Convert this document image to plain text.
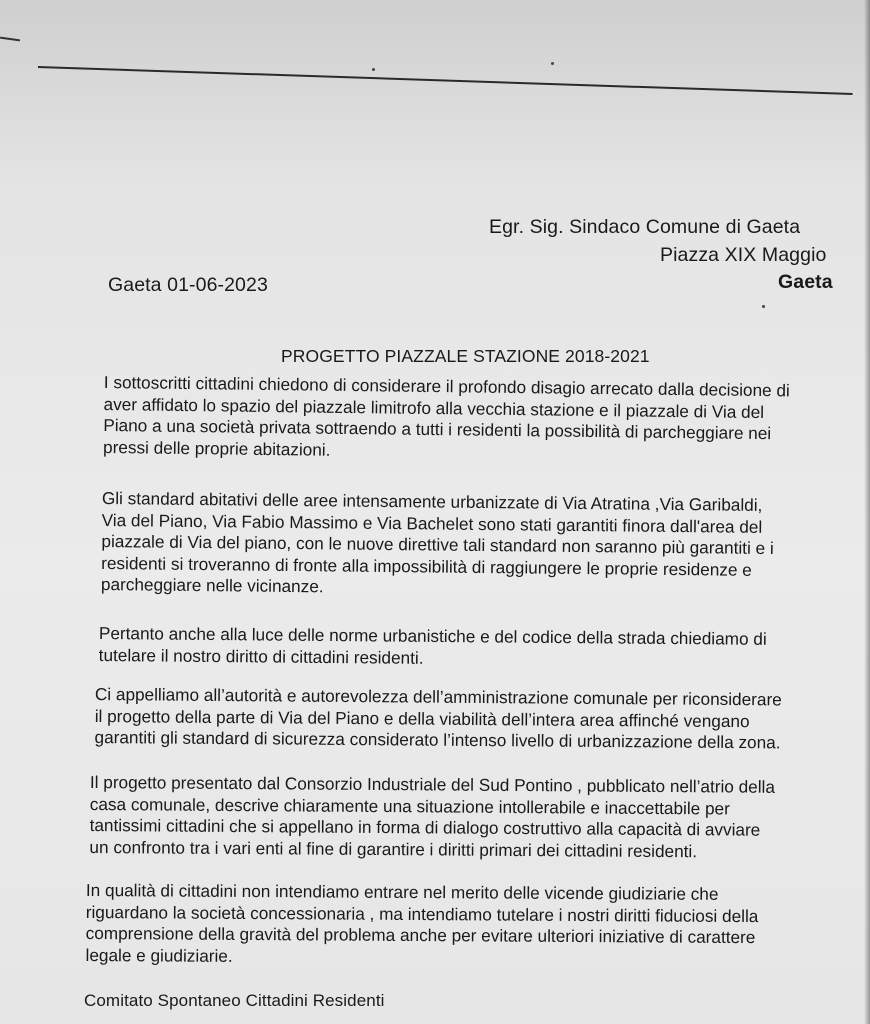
Egr. Sig. Sindaco Comune di Gaeta
Piazza XIX Maggio
Gaeta
Gaeta 01-06-2023
PROGETTO PIAZZALE STAZIONE 2018-2021
I sottoscritti cittadini chiedono di considerare il profondo disagio arrecato dalla decisione di
aver affidato lo spazio del piazzale limitrofo alla vecchia stazione e il piazzale di Via del
Piano a una società privata sottraendo a tutti i residenti la possibilità di parcheggiare nei
pressi delle proprie abitazioni.
Gli standard abitativi delle aree intensamente urbanizzate di Via Atratina ,Via Garibaldi,
Via del Piano, Via Fabio Massimo e Via Bachelet sono stati garantiti finora dall'area del
piazzale di Via del piano, con le nuove direttive tali standard non saranno più garantiti e i
residenti si troveranno di fronte alla impossibilità di raggiungere le proprie residenze e
parcheggiare nelle vicinanze.
Pertanto anche alla luce delle norme urbanistiche e del codice della strada chiediamo di
tutelare il nostro diritto di cittadini residenti.
Ci appelliamo all’autorità e autorevolezza dell’amministrazione comunale per riconsiderare
il progetto della parte di Via del Piano e della viabilità dell’intera area affinché vengano
garantiti gli standard di sicurezza considerato l’intenso livello di urbanizzazione della zona.
Il progetto presentato dal Consorzio Industriale del Sud Pontino , pubblicato nell’atrio della
casa comunale, descrive chiaramente una situazione intollerabile e inaccettabile per
tantissimi cittadini che si appellano in forma di dialogo costruttivo alla capacità di avviare
un confronto tra i vari enti al fine di garantire i diritti primari dei cittadini residenti.
In qualità di cittadini non intendiamo entrare nel merito delle vicende giudiziarie che
riguardano la società concessionaria , ma intendiamo tutelare i nostri diritti fiduciosi della
comprensione della gravità del problema anche per evitare ulteriori iniziative di carattere
legale e giudiziarie.
Comitato Spontaneo Cittadini Residenti
